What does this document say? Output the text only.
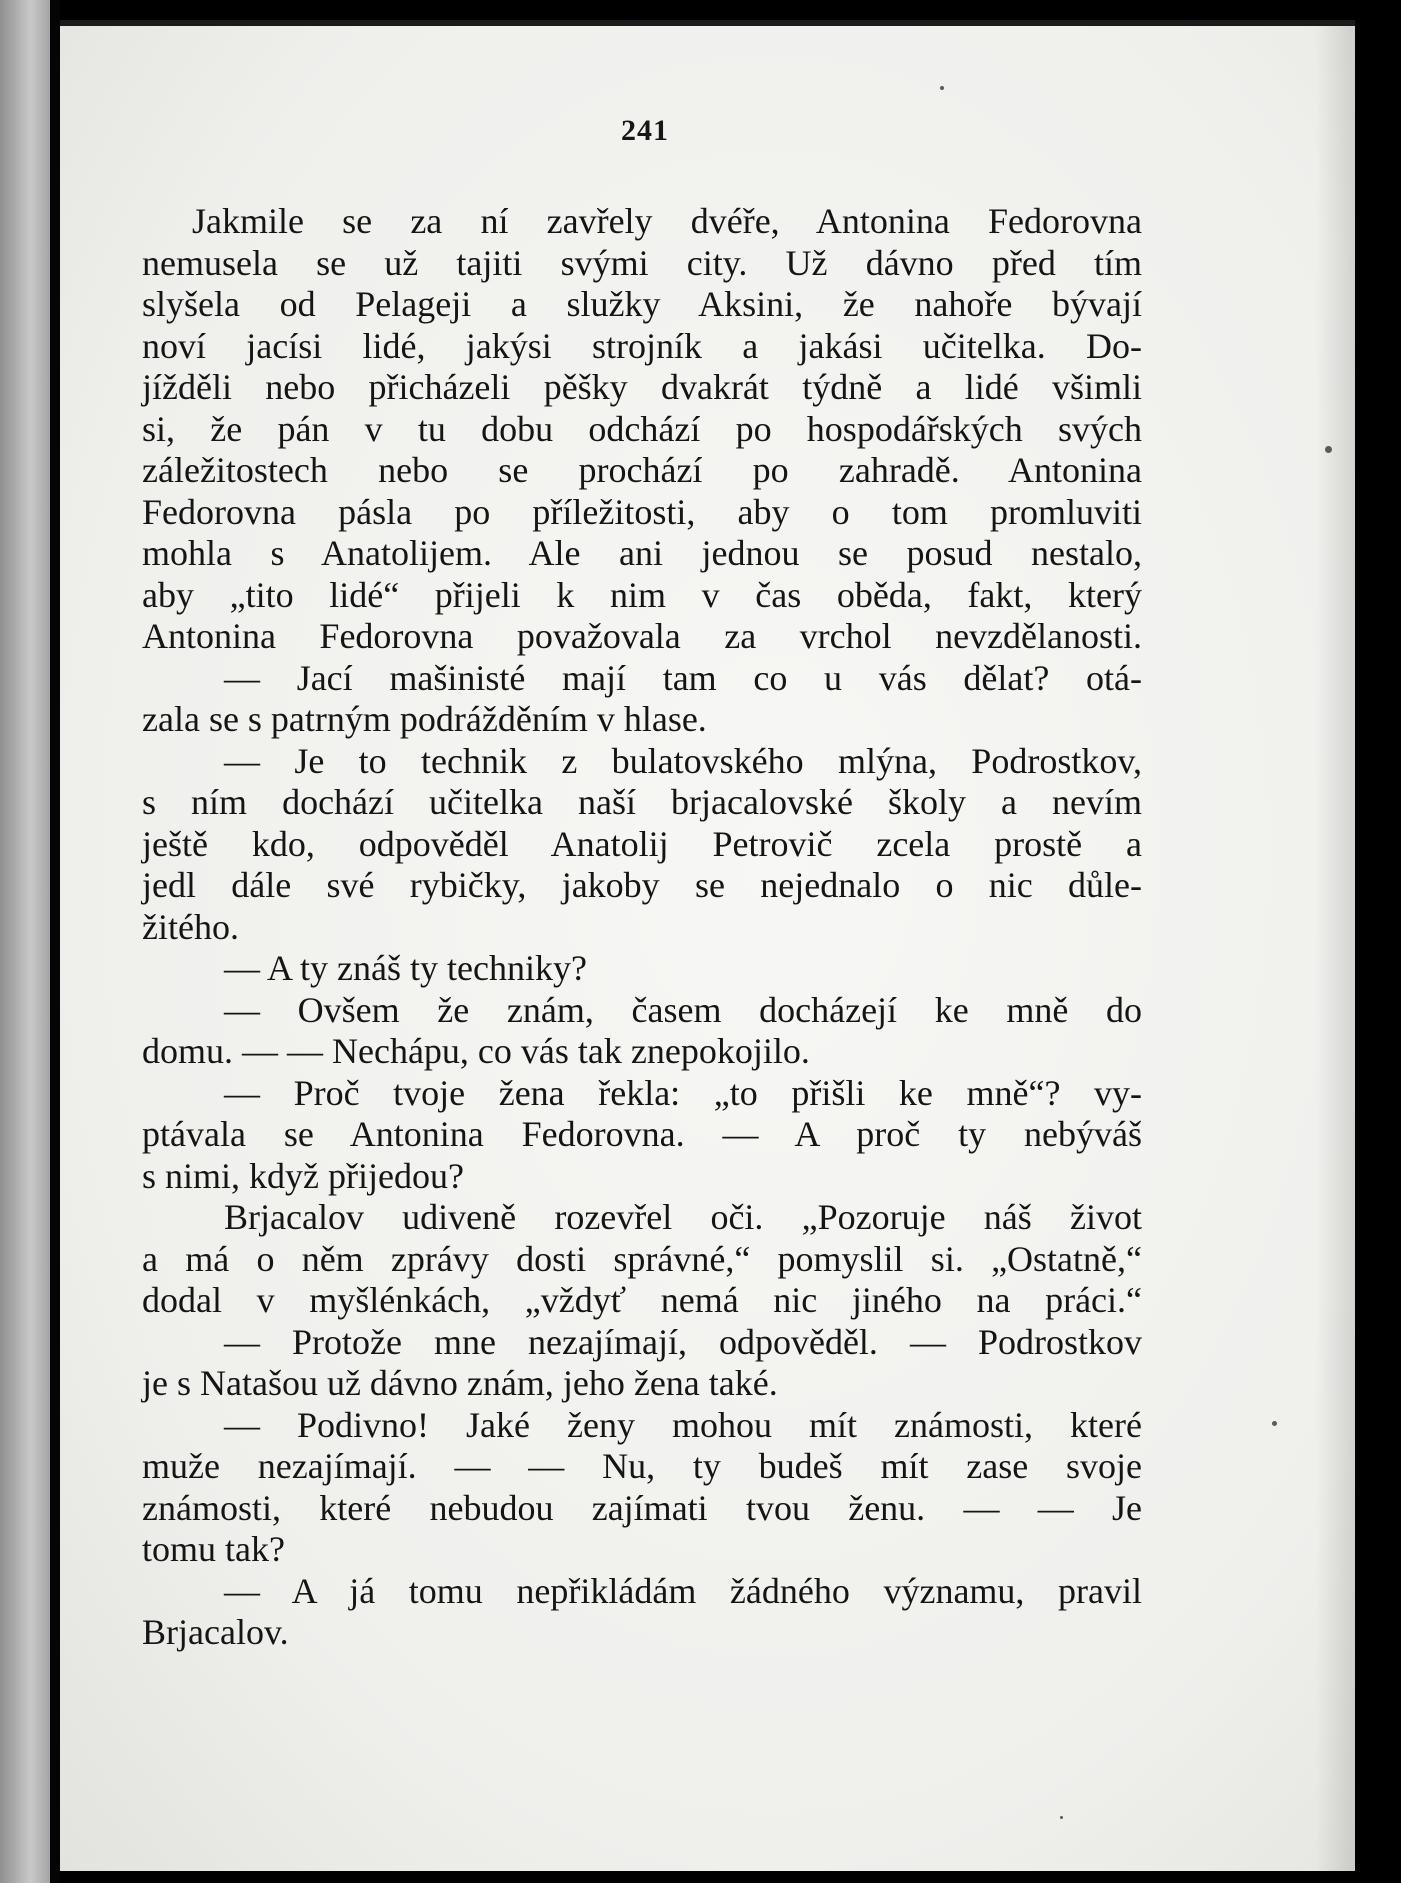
241
Jakmile se za ní zavřely dvéře, Antonina Fedorovna
nemusela se už tajiti svými city. Už dávno před tím
slyšela od Pelageji a služky Aksini, že nahoře bývají
noví jacísi lidé, jakýsi strojník a jakási učitelka. Do-
jížděli nebo přicházeli pěšky dvakrát týdně a lidé všimli
si, že pán v tu dobu odchází po hospodářských svých
záležitostech nebo se prochází po zahradě. Antonina
Fedorovna pásla po příležitosti, aby o tom promluviti
mohla s Anatolijem. Ale ani jednou se posud nestalo,
aby „tito lidé“ přijeli k nim v čas oběda, fakt, který
Antonina Fedorovna považovala za vrchol nevzdělanosti.
— Jací mašinisté mají tam co u vás dělat? otá-
zala se s patrným podrážděním v hlase.
— Je to technik z bulatovského mlýna, Podrostkov,
s ním dochází učitelka naší brjacalovské školy a nevím
ještě kdo, odpověděl Anatolij Petrovič zcela prostě a
jedl dále své rybičky, jakoby se nejednalo o nic důle-
žitého.
— A ty znáš ty techniky?
— Ovšem že znám, časem docházejí ke mně do
domu. — — Nechápu, co vás tak znepokojilo.
— Proč tvoje žena řekla: „to přišli ke mně“? vy-
ptávala se Antonina Fedorovna. — A proč ty nebýváš
s nimi, když přijedou?
Brjacalov udiveně rozevřel oči. „Pozoruje náš život
a má o něm zprávy dosti správné,“ pomyslil si. „Ostatně,“
dodal v myšlénkách, „vždyť nemá nic jiného na práci.“
— Protože mne nezajímají, odpověděl. — Podrostkov
je s Natašou už dávno znám, jeho žena také.
— Podivno! Jaké ženy mohou mít známosti, které
muže nezajímají. — — Nu, ty budeš mít zase svoje
známosti, které nebudou zajímati tvou ženu. — — Je
tomu tak?
— A já tomu nepřikládám žádného významu, pravil
Brjacalov.
